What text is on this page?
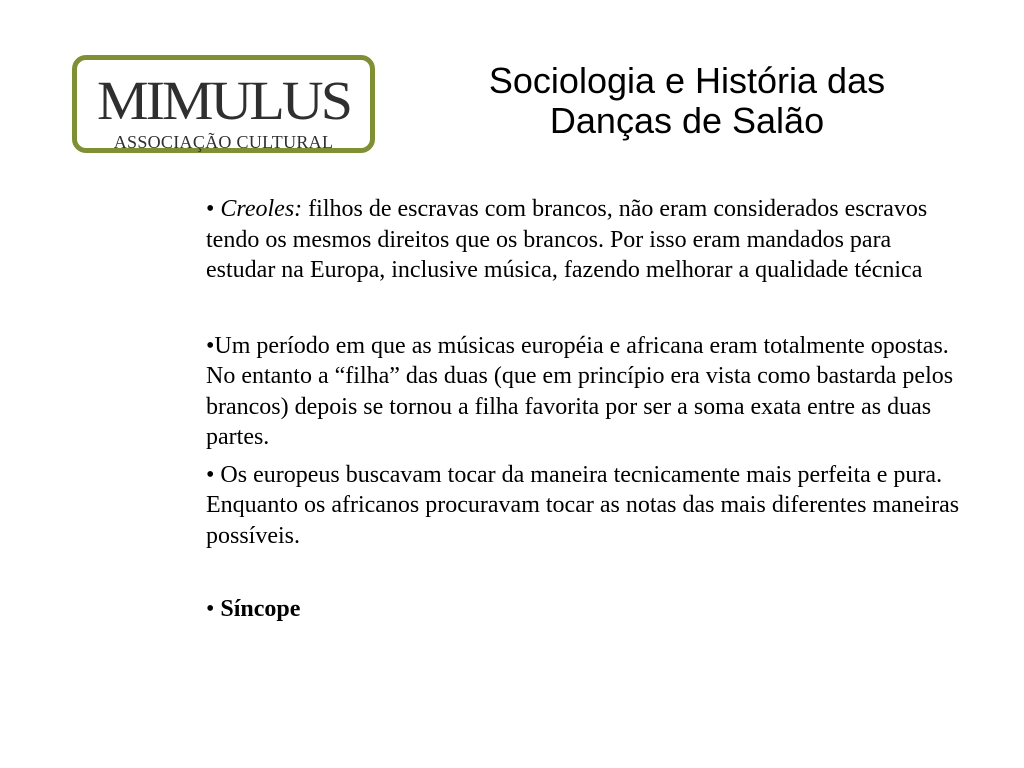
MIMULUS
ASSOCIAÇÃO CULTURAL
Sociologia e História das
Danças de Salão

• Creoles: filhos de escravas com brancos, não eram considerados escravos tendo os mesmos direitos que os brancos. Por isso eram mandados para estudar na Europa, inclusive música, fazendo melhorar a qualidade técnica

•Um período em que as músicas européia e africana eram totalmente opostas. No entanto a “filha” das duas (que em princípio era vista como bastarda pelos brancos) depois se tornou a filha favorita por ser a soma exata entre as duas partes.

• Os europeus buscavam tocar da maneira tecnicamente mais perfeita e pura. Enquanto os africanos procuravam tocar as notas das mais diferentes maneiras possíveis.

• Síncope
